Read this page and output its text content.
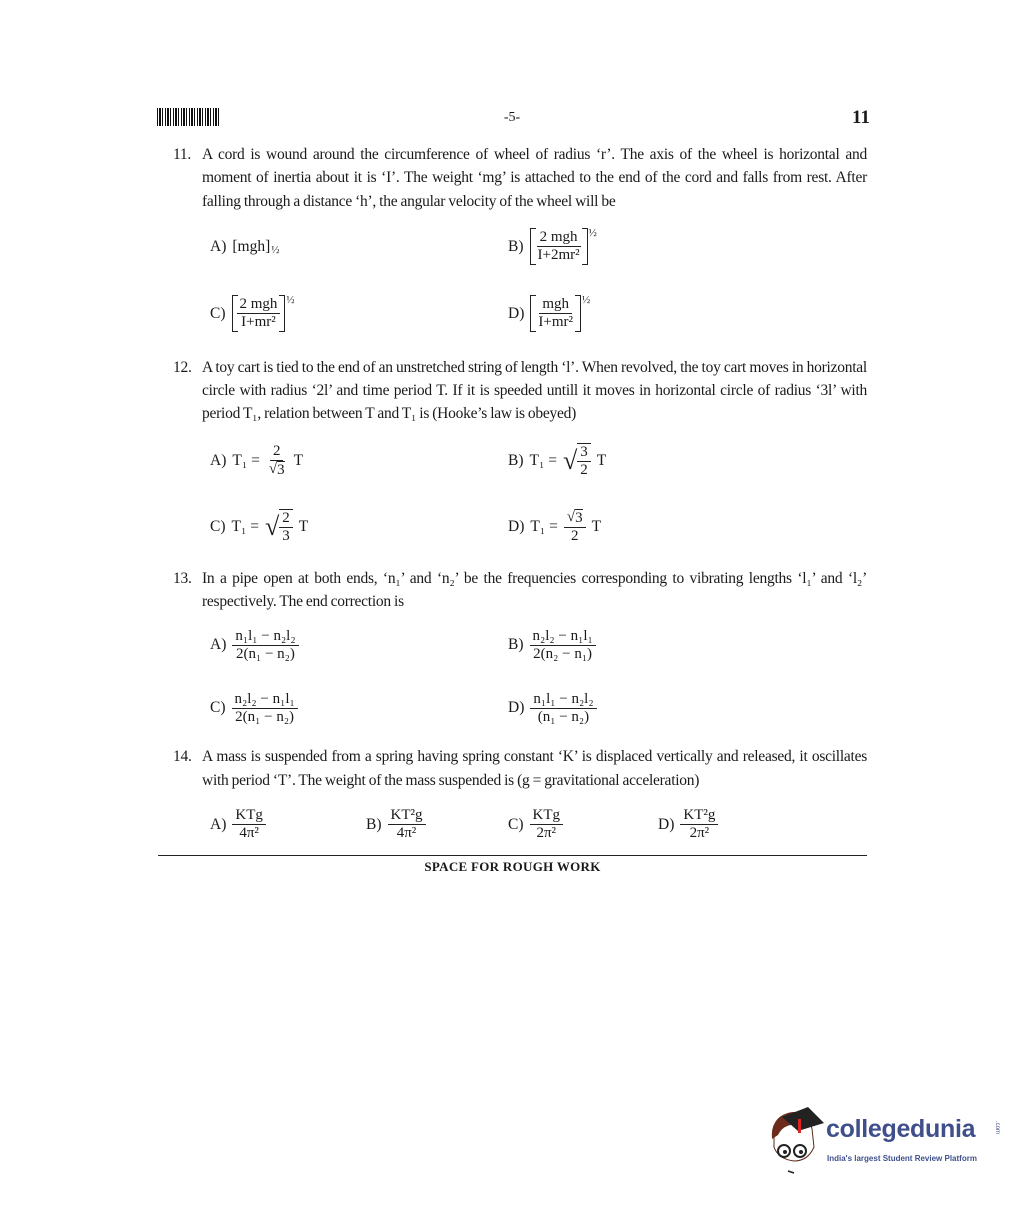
-5-	11
11. A cord is wound around the circumference of wheel of radius ‘r’. The axis of the wheel is horizontal and moment of inertia about it is ‘I’. The weight ‘mg’ is attached to the end of the cord and falls from rest. After falling through a distance ‘h’, the angular velocity of the wheel will be
A) [mgh] ½	$B) \frac{\text{2 mgh}}{\text{I+2mr²}}$ ½
$C) \frac{\text{2 mgh}}{\text{I+mr²}}$ ½
$D) \frac{\text{mgh}}{\text{I+mr²}}$ ½
12. A toy cart is tied to the end of an unstretched string of length ‘l’. When revolved, the toy cart moves in horizontal circle with radius ‘2l’ and time period T. If it is speeded untill it moves in horizontal circle of radius ‘3l’ with period T₁, relation between T and T₁ is (Hooke’s law is obeyed)
A) $T_1 = \frac{2}{√ 3}$ T	B) T₁ = √ $\frac{3}{2}$ T
C) T₁ = √ $\frac{2}{3}$ T	D) $T_1 = \frac{√ 3}{2}$ T
13. In a pipe open at both ends, ‘n₁’ and ‘n₂’ be the frequencies corresponding to vibrating lengths ‘l₁’ and ‘l₂’ respectively. The end correction is
$A) \frac{\text{n₁l₁ − n₂l₂}}{\text{2(n₁ − n₂)}}$	$B) \frac{\text{n₂l₂ − n₁l₁}}{\text{2(n₂ − n₁)}}$
$C) \frac{\text{n₂l₂ − n₁l₁}}{\text{2(n₁ − n₂)}}$	$D) \frac{\text{n₁l₁ − n₂l₂}}{\text{(n₁ − n₂)}}$
14. A mass is suspended from a spring having spring constant ‘K’ is displaced vertically and released, it oscillates with period ‘T’. The weight of the mass suspended is (g = gravitational acceleration)
$A) \frac{\text{KTg}}{\text{4π²}}$	$B) \frac{\text{KT²g}}{\text{4π²}}$	$C) \frac{\text{KTg}}{\text{2π²}}$	$D) \frac{\text{KT²g}}{\text{2π²}}$
SPACE FOR ROUGH WORK
collegedunia	.com
India's largest Student Review Platform
